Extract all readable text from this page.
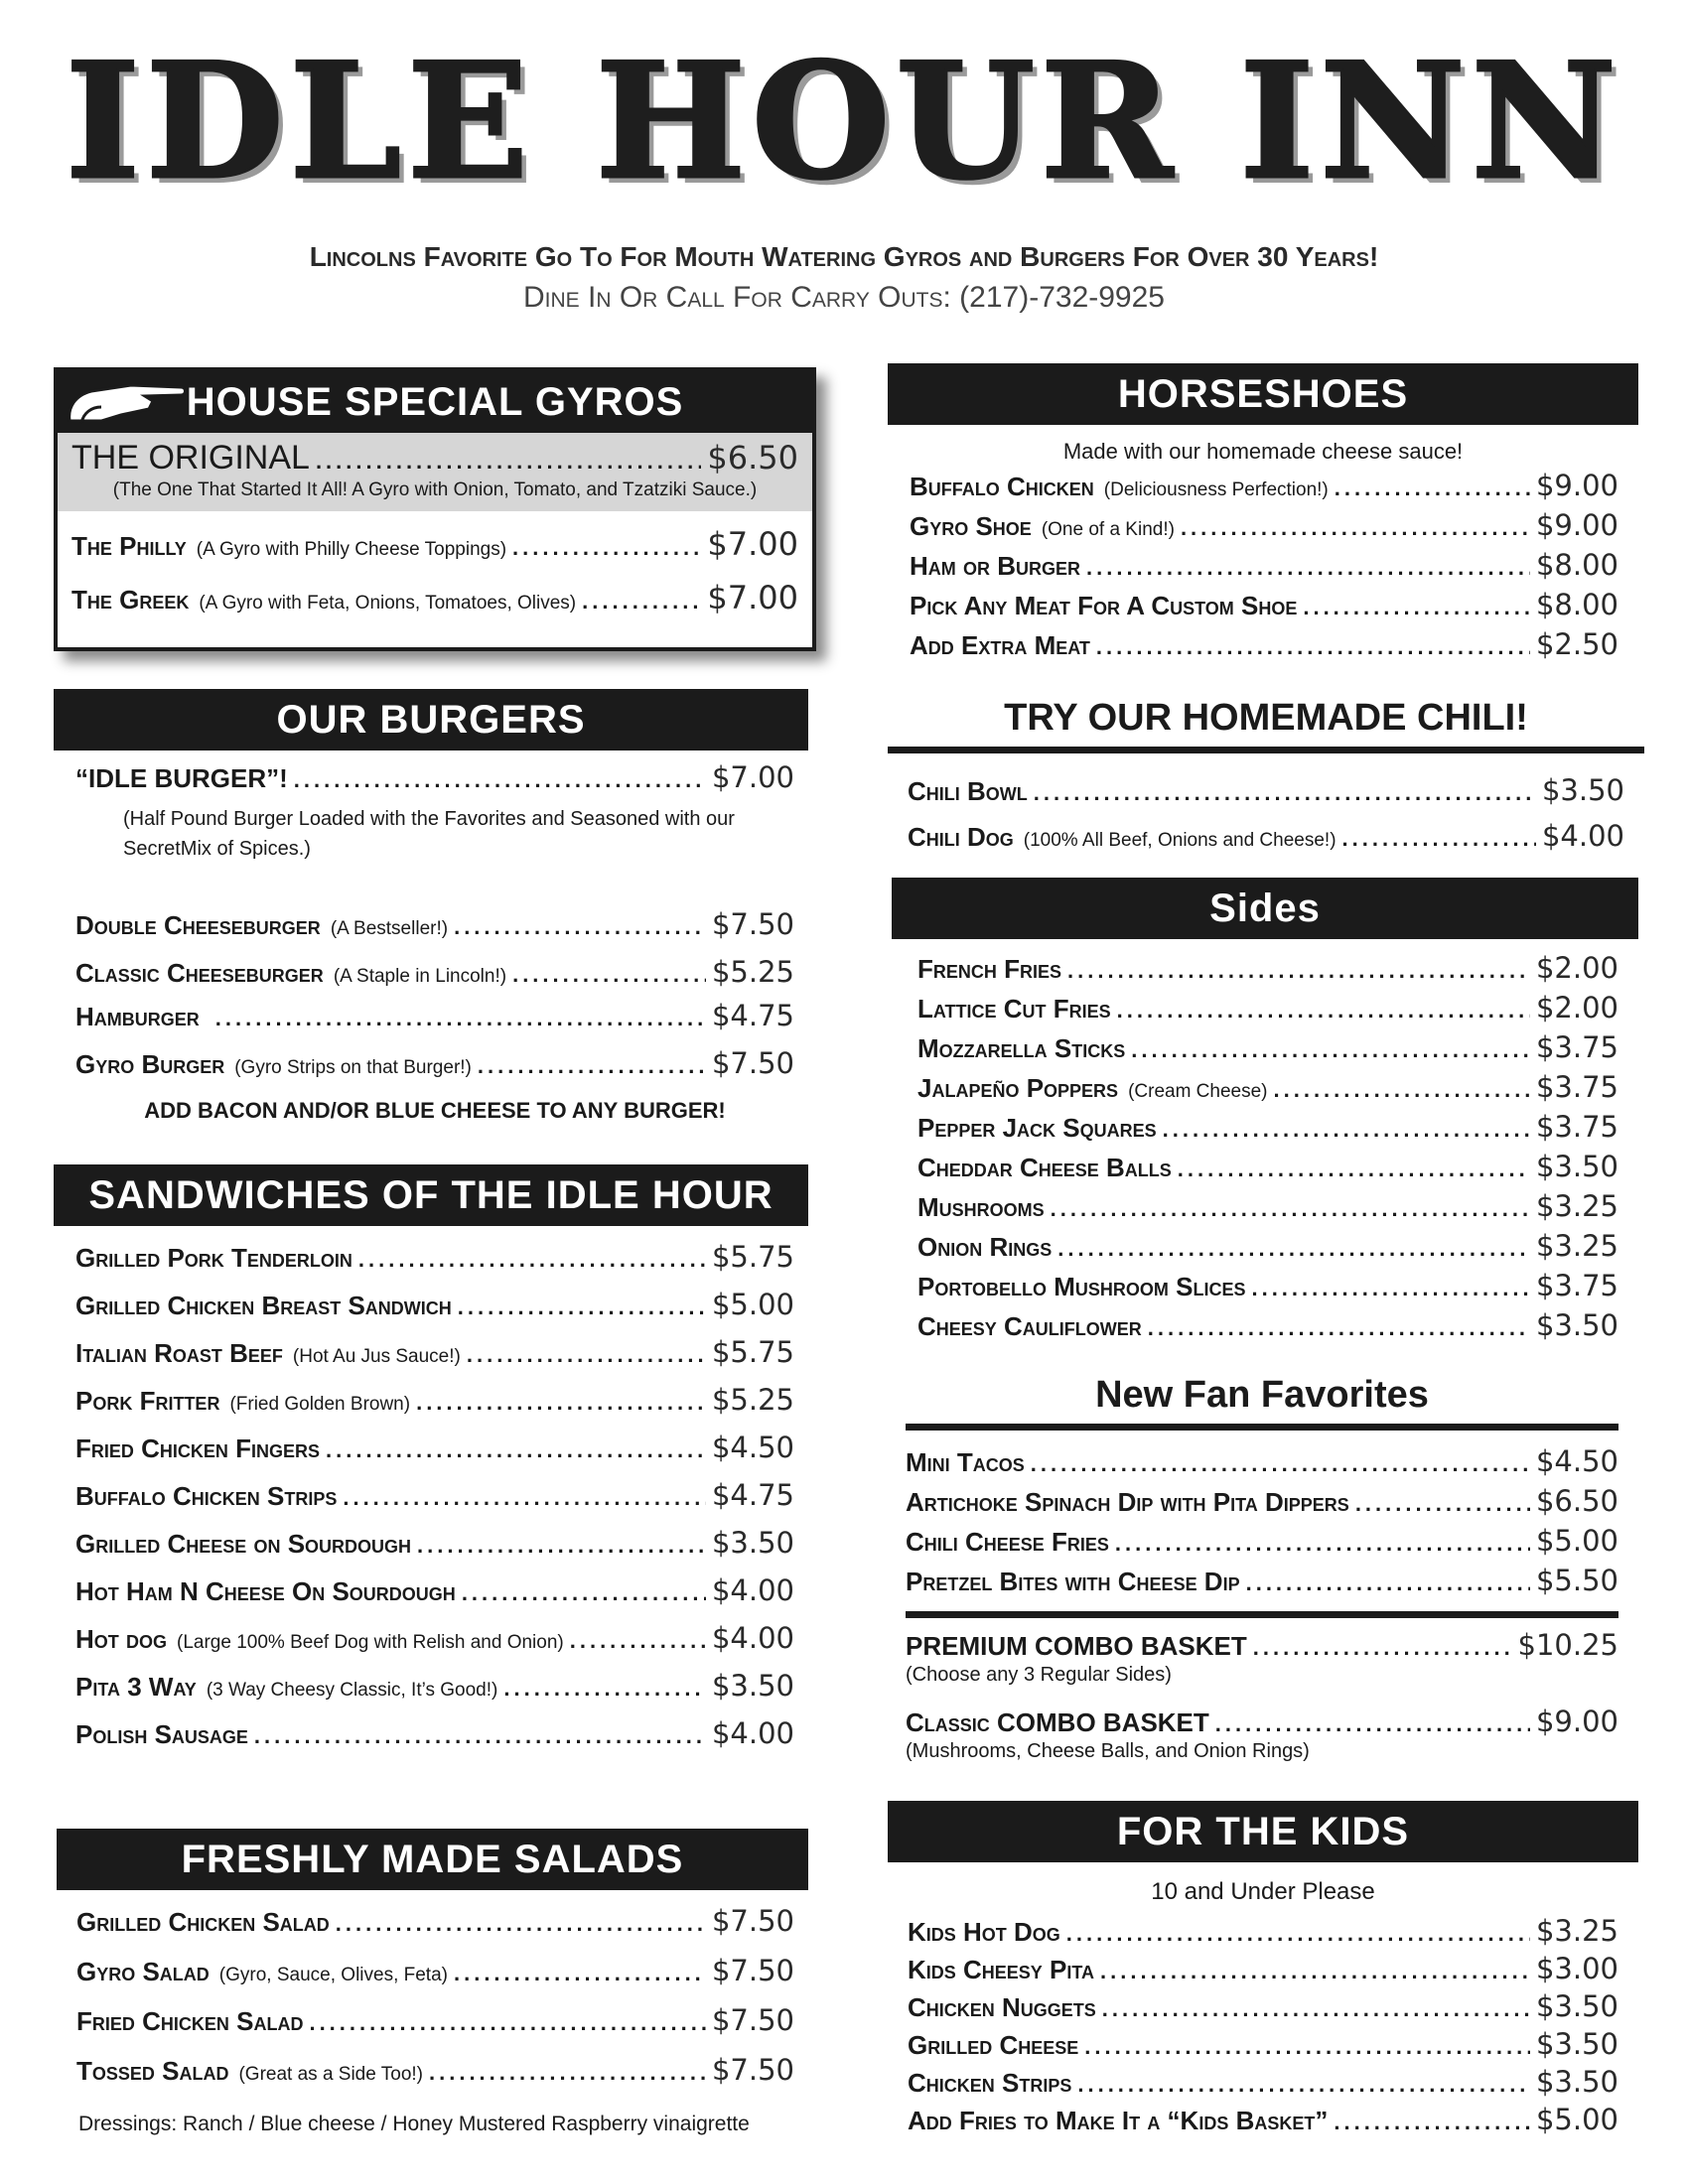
IDLE HOUR INN
Lincolns Favorite Go To For Mouth Watering Gyros and Burgers For Over 30 Years!
Dine In Or Call For Carry Outs: (217)-732-9925
HOUSE SPECIAL GYROS
THE ORIGINAL .....	$6.50
(The One That Started It All! A Gyro with Onion, Tomato, and Tzatziki Sauce.)
The Philly (A Gyro with Philly Cheese Toppings) .....	$7.00
The Greek (A Gyro with Feta, Onions, Tomatoes, Olives) .....	$7.00
OUR BURGERS
“IDLE BURGER”! .....	$7.00
(Half Pound Burger Loaded with the Favorites and Seasoned with our SecretMix of Spices.)
Double Cheeseburger (A Bestseller!) .....	$7.50
Classic Cheeseburger (A Staple in Lincoln!) .....	$5.25
Hamburger .....	$4.75
Gyro Burger (Gyro Strips on that Burger!) .....	$7.50
ADD BACON AND/OR BLUE CHEESE TO ANY BURGER!
SANDWICHES OF THE IDLE HOUR
Grilled Pork Tenderloin .....	$5.75
Grilled Chicken Breast Sandwich .....	$5.00
Italian Roast Beef (Hot Au Jus Sauce!) .....	$5.75
Pork Fritter (Fried Golden Brown) .....	$5.25
Fried Chicken Fingers .....	$4.50
Buffalo Chicken Strips .....	$4.75
Grilled Cheese on Sourdough .....	$3.50
Hot Ham N Cheese On Sourdough .....	$4.00
Hot dog (Large 100% Beef Dog with Relish and Onion) .....	$4.00
Pita 3 Way (3 Way Cheesy Classic, It’s Good!) .....	$3.50
Polish Sausage .....	$4.00
FRESHLY MADE SALADS
Grilled Chicken Salad .....	$7.50
Gyro Salad (Gyro, Sauce, Olives, Feta) .....	$7.50
Fried Chicken Salad .....	$7.50
Tossed Salad (Great as a Side Too!) .....	$7.50
Dressings: Ranch / Blue cheese / Honey Mustered Raspberry vinaigrette
HORSESHOES
Made with our homemade cheese sauce!
Buffalo Chicken (Deliciousness Perfection!) .....	$9.00
Gyro Shoe (One of a Kind!) .....	$9.00
Ham or Burger .....	$8.00
Pick Any Meat For A Custom Shoe .....	$8.00
Add Extra Meat .....	$2.50
TRY OUR HOMEMADE CHILI!
Chili Bowl .....	$3.50
Chili Dog (100% All Beef, Onions and Cheese!) .....	$4.00
Sides
French Fries .....	$2.00
Lattice Cut Fries .....	$2.00
Mozzarella Sticks .....	$3.75
Jalapeño Poppers (Cream Cheese) .....	$3.75
Pepper Jack Squares .....	$3.75
Cheddar Cheese Balls .....	$3.50
Mushrooms .....	$3.25
Onion Rings .....	$3.25
Portobello Mushroom Slices .....	$3.75
Cheesy Cauliflower .....	$3.50
New Fan Favorites
Mini Tacos .....	$4.50
Artichoke Spinach Dip with Pita Dippers .....	$6.50
Chili Cheese Fries .....	$5.00
Pretzel Bites with Cheese Dip .....	$5.50
PREMIUM COMBO BASKET .....	$10.25
(Choose any 3 Regular Sides)
Classic COMBO BASKET .....	$9.00
(Mushrooms, Cheese Balls, and Onion Rings)
FOR THE KIDS
10 and Under Please
Kids Hot Dog .....	$3.25
Kids Cheesy Pita .....	$3.00
Chicken Nuggets .....	$3.50
Grilled Cheese .....	$3.50
Chicken Strips .....	$3.50
Add Fries to Make It a “Kids Basket” .....	$5.00
